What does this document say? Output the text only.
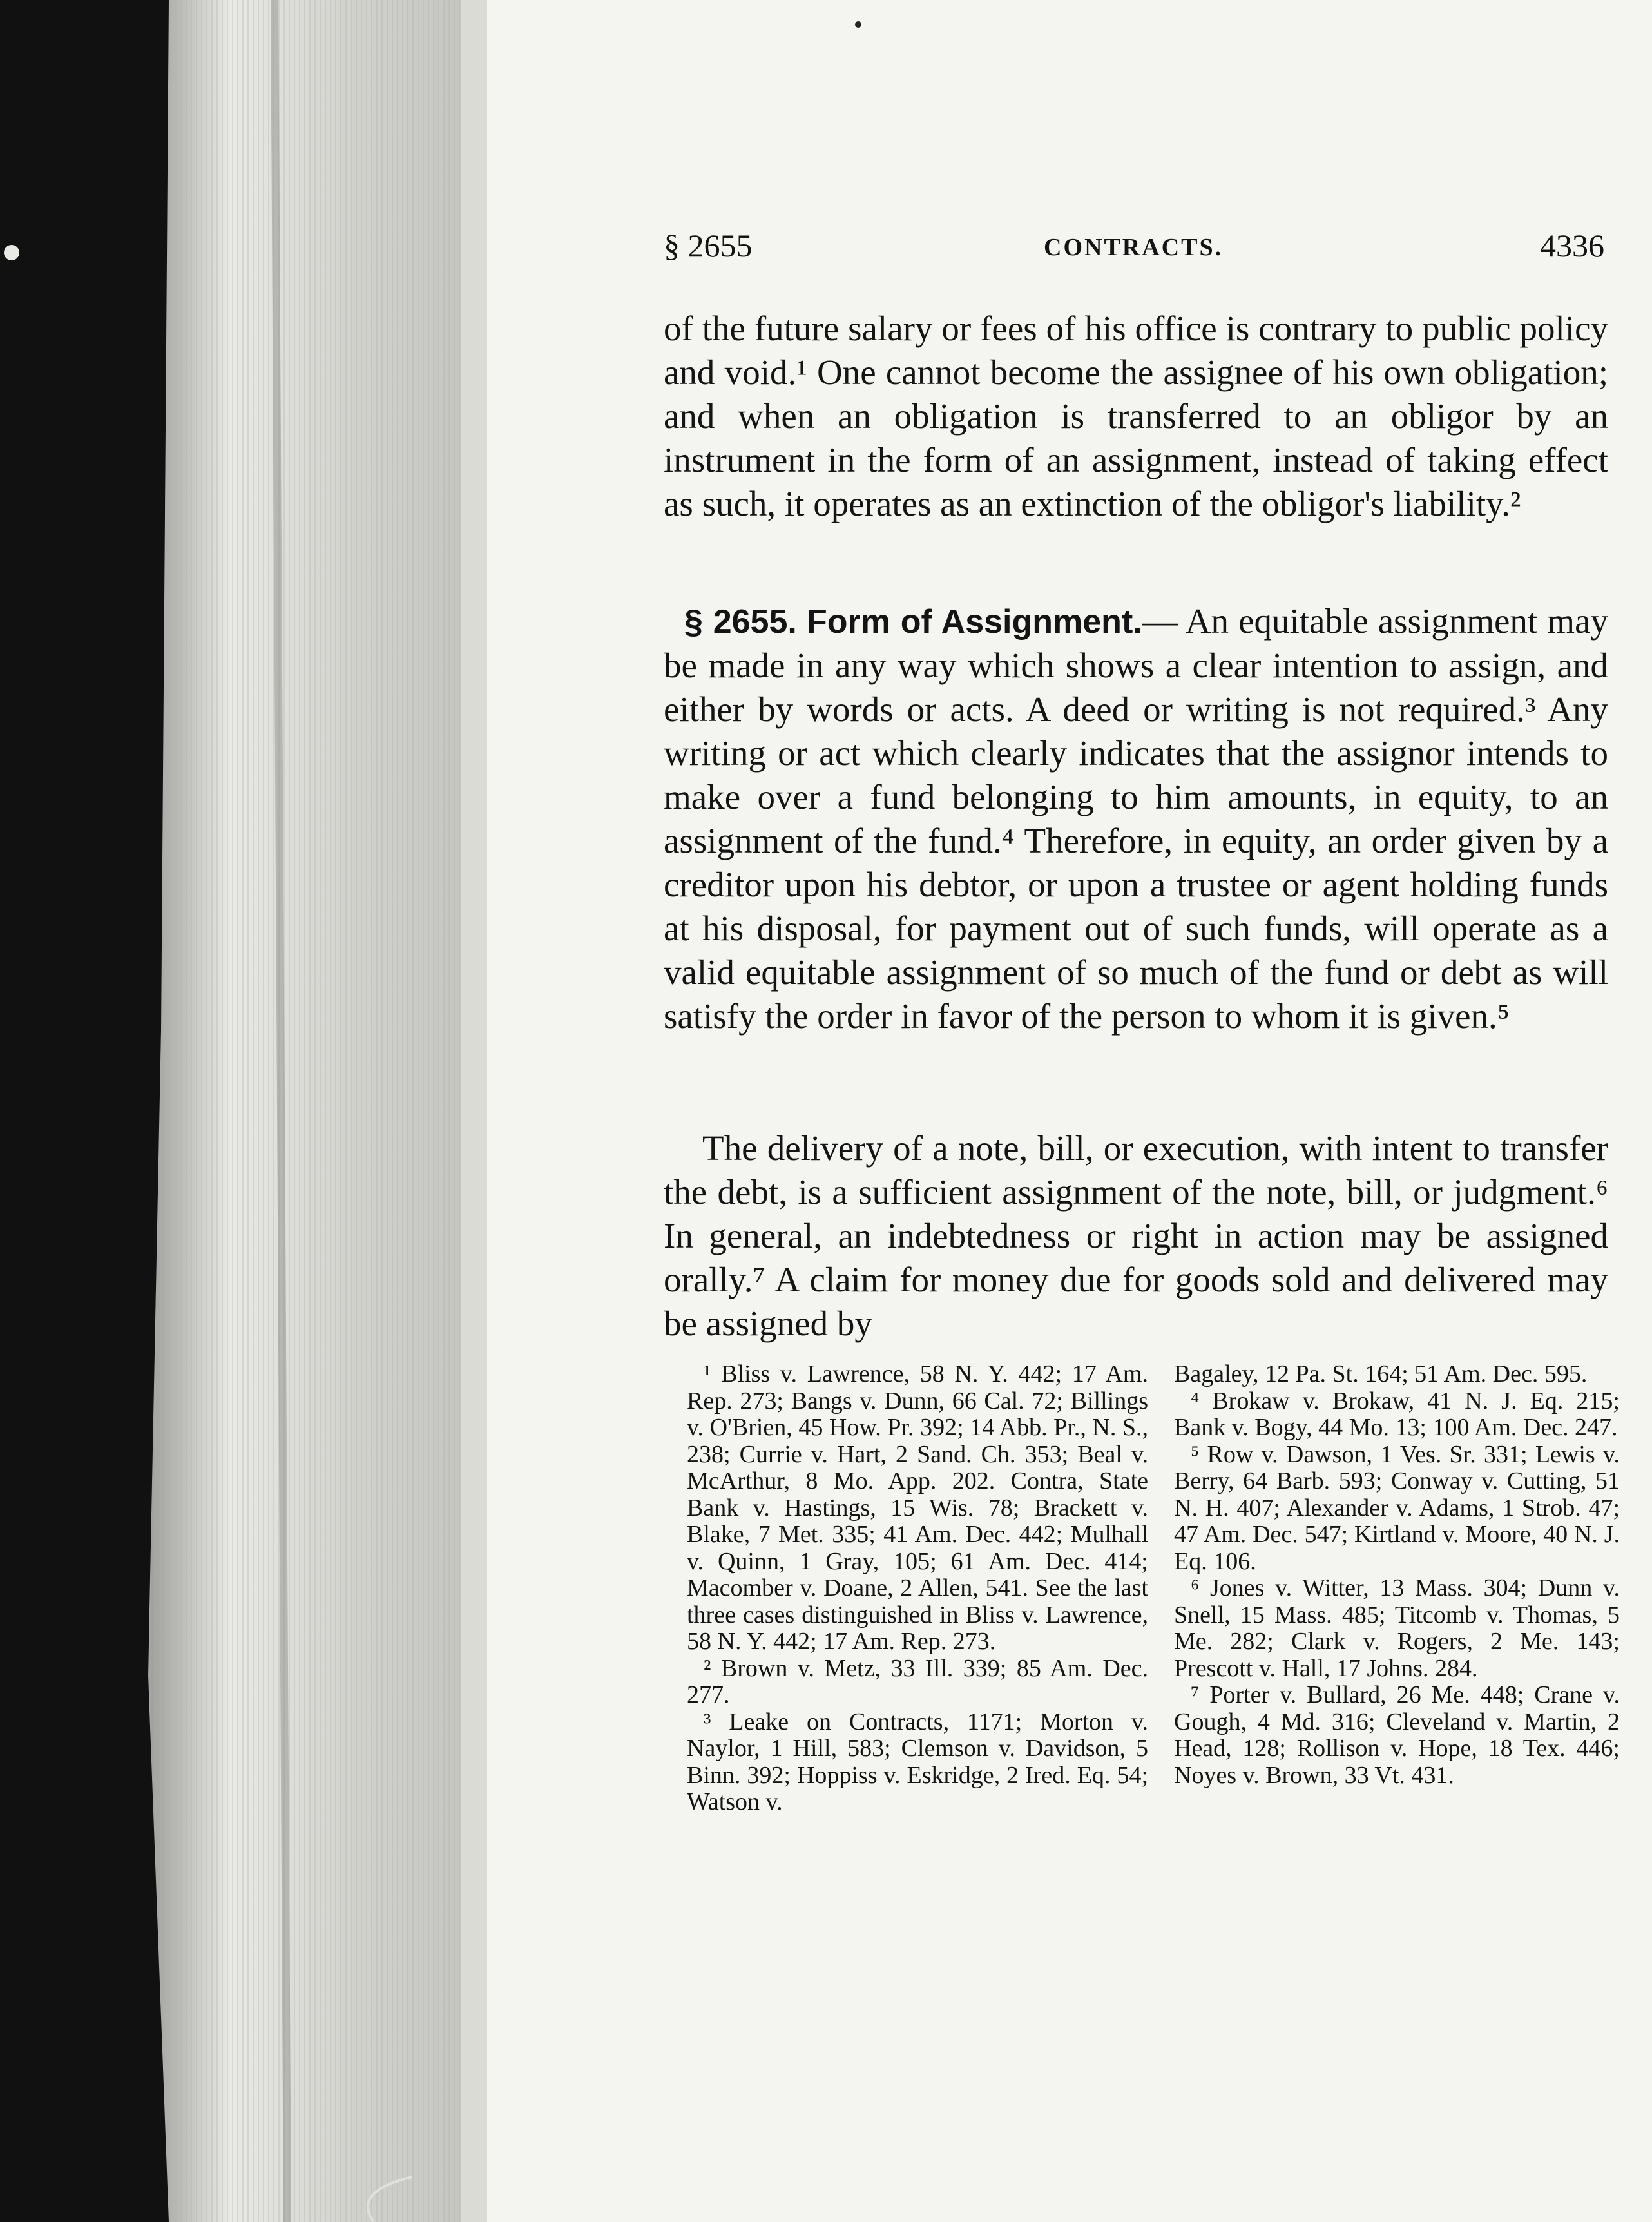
§ 2655	CONTRACTS.	4336

of the future salary or fees of his office is contrary to public policy and void.¹ One cannot become the assignee of his own obligation; and when an obligation is transferred to an obligor by an instrument in the form of an assignment, instead of taking effect as such, it operates as an extinction of the obligor's liability.²

§ 2655. Form of Assignment.— An equitable assignment may be made in any way which shows a clear intention to assign, and either by words or acts. A deed or writing is not required.³ Any writing or act which clearly indicates that the assignor intends to make over a fund belonging to him amounts, in equity, to an assignment of the fund.⁴ Therefore, in equity, an order given by a creditor upon his debtor, or upon a trustee or agent holding funds at his disposal, for payment out of such funds, will operate as a valid equitable assignment of so much of the fund or debt as will satisfy the order in favor of the person to whom it is given.⁵

The delivery of a note, bill, or execution, with intent to transfer the debt, is a sufficient assignment of the note, bill, or judgment.⁶ In general, an indebtedness or right in action may be assigned orally.⁷ A claim for money due for goods sold and delivered may be assigned by

¹ Bliss v. Lawrence, 58 N. Y. 442; 17 Am. Rep. 273; Bangs v. Dunn, 66 Cal. 72; Billings v. O'Brien, 45 How. Pr. 392; 14 Abb. Pr., N. S., 238; Currie v. Hart, 2 Sand. Ch. 353; Beal v. McArthur, 8 Mo. App. 202. Contra, State Bank v. Hastings, 15 Wis. 78; Brackett v. Blake, 7 Met. 335; 41 Am. Dec. 442; Mulhall v. Quinn, 1 Gray, 105; 61 Am. Dec. 414; Macomber v. Doane, 2 Allen, 541. See the last three cases distinguished in Bliss v. Lawrence, 58 N. Y. 442; 17 Am. Rep. 273.

² Brown v. Metz, 33 Ill. 339; 85 Am. Dec. 277.

³ Leake on Contracts, 1171; Morton v. Naylor, 1 Hill, 583; Clemson v. Davidson, 5 Binn. 392; Hoppiss v. Eskridge, 2 Ired. Eq. 54; Watson v.

Bagaley, 12 Pa. St. 164; 51 Am. Dec. 595.

⁴ Brokaw v. Brokaw, 41 N. J. Eq. 215; Bank v. Bogy, 44 Mo. 13; 100 Am. Dec. 247.

⁵ Row v. Dawson, 1 Ves. Sr. 331; Lewis v. Berry, 64 Barb. 593; Conway v. Cutting, 51 N. H. 407; Alexander v. Adams, 1 Strob. 47; 47 Am. Dec. 547; Kirtland v. Moore, 40 N. J. Eq. 106.

⁶ Jones v. Witter, 13 Mass. 304; Dunn v. Snell, 15 Mass. 485; Titcomb v. Thomas, 5 Me. 282; Clark v. Rogers, 2 Me. 143; Prescott v. Hall, 17 Johns. 284.

⁷ Porter v. Bullard, 26 Me. 448; Crane v. Gough, 4 Md. 316; Cleveland v. Martin, 2 Head, 128; Rollison v. Hope, 18 Tex. 446; Noyes v. Brown, 33 Vt. 431.
